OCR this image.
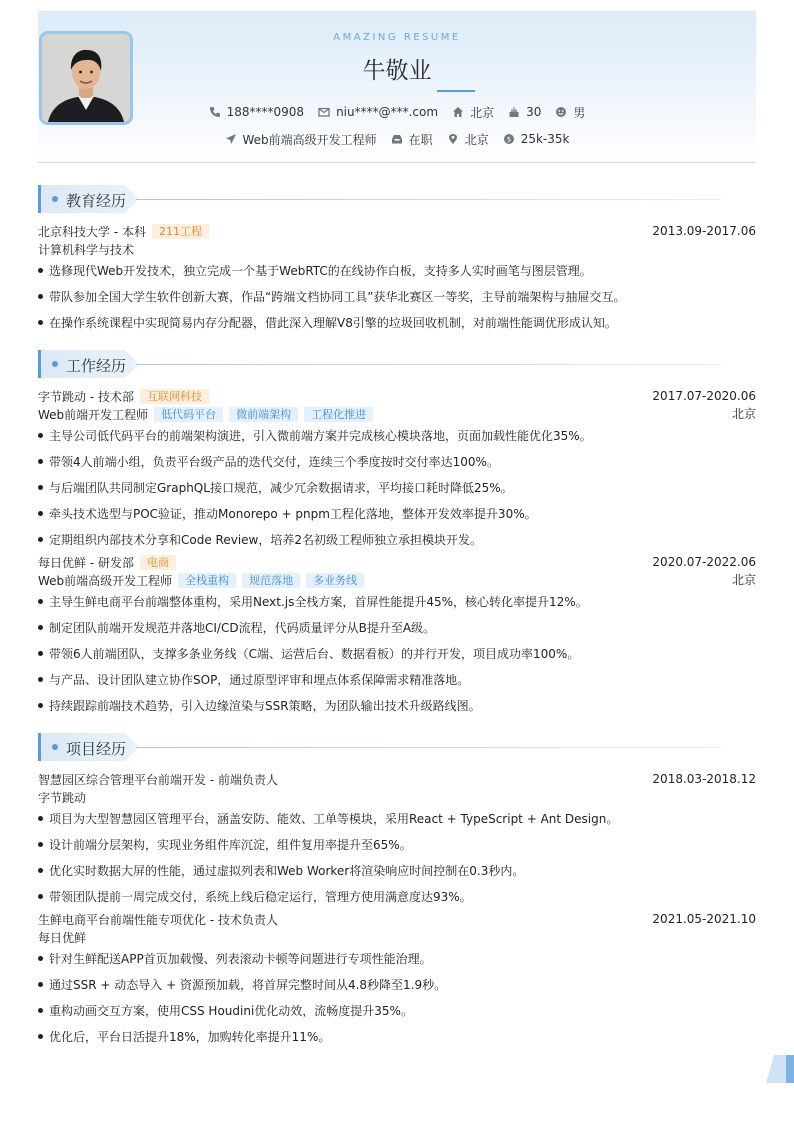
AMAZING RESUME
牛敬业
188****0908	niu****@***.com	北京	30	男
Web前端高级开发工程师	在职	北京	$ 25k-35k
教育经历
北京科技大学 - 本科	211工程	2013.09-2017.06
计算机科学与技术
选修现代Web开发技术，独立完成一个基于WebRTC的在线协作白板，支持多人实时画笔与图层管理。
带队参加全国大学生软件创新大赛，作品“跨端文档协同工具”获华北赛区一等奖，主导前端架构与抽屉交互。
在操作系统课程中实现简易内存分配器，借此深入理解V8引擎的垃圾回收机制，对前端性能调优形成认知。
工作经历
字节跳动 - 技术部	互联网科技	2017.07-2020.06
Web前端开发工程师	低代码平台	微前端架构	工程化推进	北京
主导公司低代码平台的前端架构演进，引入微前端方案并完成核心模块落地，页面加载性能优化35%。
带领4人前端小组，负责平台级产品的迭代交付，连续三个季度按时交付率达100%。
与后端团队共同制定GraphQL接口规范，减少冗余数据请求，平均接口耗时降低25%。
牵头技术选型与POC验证，推动Monorepo + pnpm工程化落地，整体开发效率提升30%。
定期组织内部技术分享和Code Review，培养2名初级工程师独立承担模块开发。
每日优鲜 - 研发部	电商	2020.07-2022.06
Web前端高级开发工程师	全栈重构	规范落地	多业务线	北京
主导生鲜电商平台前端整体重构，采用Next.js全栈方案，首屏性能提升45%，核心转化率提升12%。
制定团队前端开发规范并落地CI/CD流程，代码质量评分从B提升至A级。
带领6人前端团队，支撑多条业务线（C端、运营后台、数据看板）的并行开发，项目成功率100%。
与产品、设计团队建立协作SOP，通过原型评审和埋点体系保障需求精准落地。
持续跟踪前端技术趋势，引入边缘渲染与SSR策略，为团队输出技术升级路线图。
项目经历
智慧园区综合管理平台前端开发 - 前端负责人	2018.03-2018.12
字节跳动
项目为大型智慧园区管理平台，涵盖安防、能效、工单等模块，采用React + TypeScript + Ant Design。
设计前端分层架构，实现业务组件库沉淀，组件复用率提升至65%。
优化实时数据大屏的性能，通过虚拟列表和Web Worker将渲染响应时间控制在0.3秒内。
带领团队提前一周完成交付，系统上线后稳定运行，管理方使用满意度达93%。
生鲜电商平台前端性能专项优化 - 技术负责人	2021.05-2021.10
每日优鲜
针对生鲜配送APP首页加载慢、列表滚动卡顿等问题进行专项性能治理。
通过SSR + 动态导入 + 资源预加载，将首屏完整时间从4.8秒降至1.9秒。
重构动画交互方案，使用CSS Houdini优化动效，流畅度提升35%。
优化后，平台日活提升18%，加购转化率提升11%。
